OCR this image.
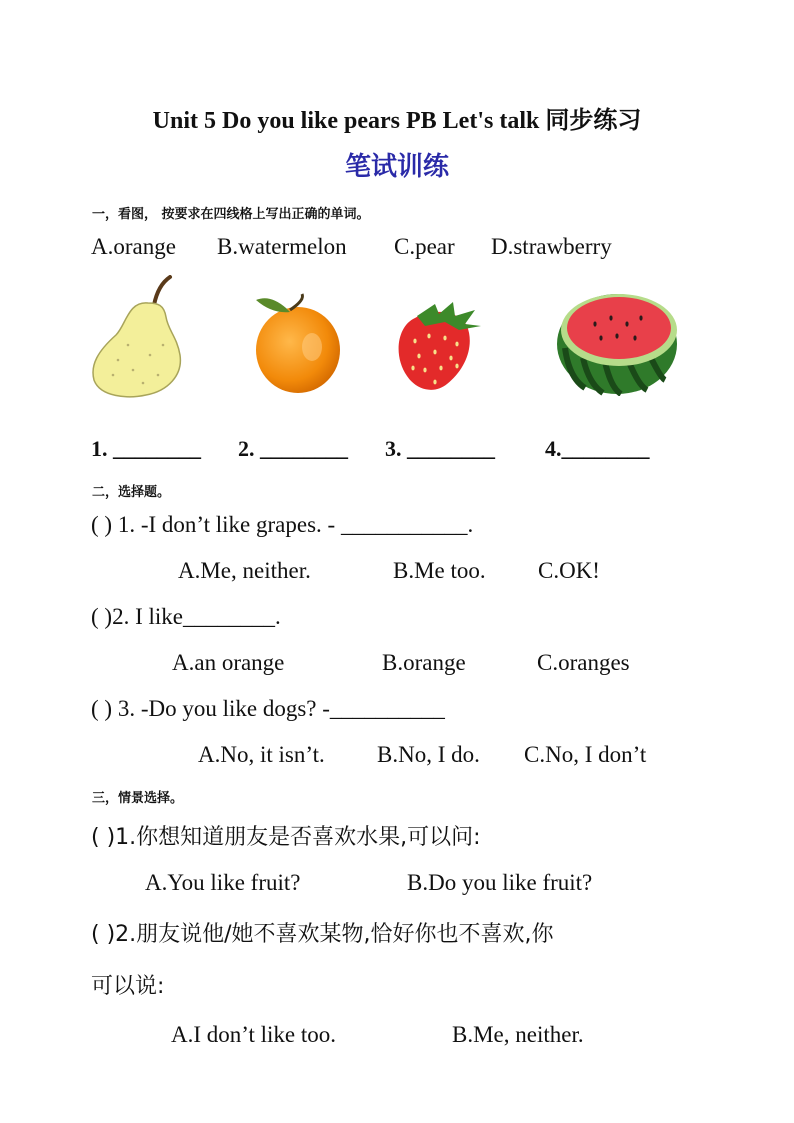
Unit 5 Do you like pears PB Let's talk 同步练习
笔试训练
一，看图， 按要求在四线格上写出正确的单词。
A.orange B.watermelon C.pear D.strawberry
1. ________ 2. ________ 3. ________ 4.________
二，选择题。
( ) 1. -I don’t like grapes. - ___________.
A.Me, neither.	B.Me too. C.OK!
( )2. I like________.
A.an orange	B.orange	C.oranges
( ) 3. -Do you like dogs? -__________
A.No, it isn’t. B.No, I do. C.No, I don’t
三，情景选择。
( )1.你想知道朋友是否喜欢水果,可以问:
A.You like fruit?	B.Do you like fruit?
( )2.朋友说他/她不喜欢某物,恰好你也不喜欢,你
可以说:
A.I don’t like too.	B.Me, neither.
